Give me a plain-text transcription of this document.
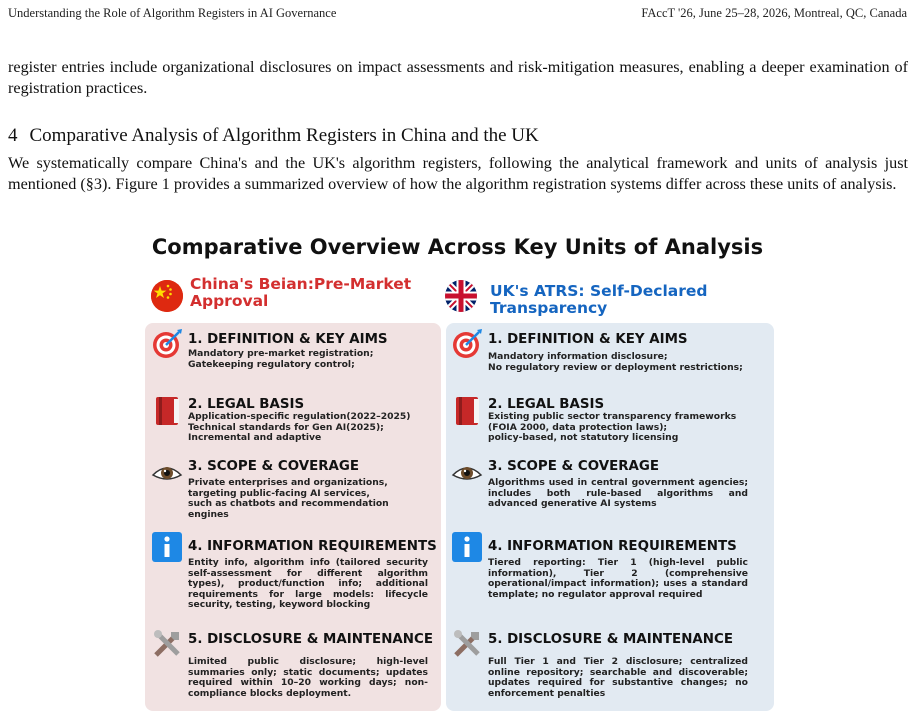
Understanding the Role of Algorithm Registers in AI Governance	FAccT '26, June 25–28, 2026, Montreal, QC, Canada
register entries include organizational disclosures on impact assessments and risk-mitigation measures, enabling a deeper examination of registration practices.
4 Comparative Analysis of Algorithm Registers in China and the UK
We systematically compare China's and the UK's algorithm registers, following the analytical framework and units of analysis just mentioned (§3). Figure 1 provides a summarized overview of how the algorithm registration systems differ across these units of analysis.
Comparative Overview Across Key Units of Analysis
China's Beian:Pre-Market Approval
UK's ATRS: Self-Declared Transparency
1. DEFINITION & KEY AIMS
Mandatory pre-market registration;
Gatekeeping regulatory control;
2. LEGAL BASIS
Application-specific regulation(2022–2025)
Technical standards for Gen AI(2025);
Incremental and adaptive
3. SCOPE & COVERAGE
Private enterprises and organizations,
targeting public-facing AI services,
such as chatbots and recommendation
engines
4. INFORMATION REQUIREMENTS
Entity info, algorithm info (tailored security self-assessment for different algorithm types), product/function info; additional requirements for large models: lifecycle security, testing, keyword blocking
5. DISCLOSURE & MAINTENANCE
Limited public disclosure; high-level summaries only; static documents; updates required within 10–20 working days; non-compliance blocks deployment.
1. DEFINITION & KEY AIMS
Mandatory information disclosure;
No regulatory review or deployment restrictions;
2. LEGAL BASIS
Existing public sector transparency frameworks
(FOIA 2000, data protection laws);
policy-based, not statutory licensing
3. SCOPE & COVERAGE
Algorithms used in central government agencies; includes both rule-based algorithms and advanced generative AI systems
4. INFORMATION REQUIREMENTS
Tiered reporting: Tier 1 (high-level public information), Tier 2 (comprehensive operational/impact information); uses a standard template; no regulator approval required
5. DISCLOSURE & MAINTENANCE
Full Tier 1 and Tier 2 disclosure; centralized online repository; searchable and discoverable; updates required for substantive changes; no enforcement penalties
